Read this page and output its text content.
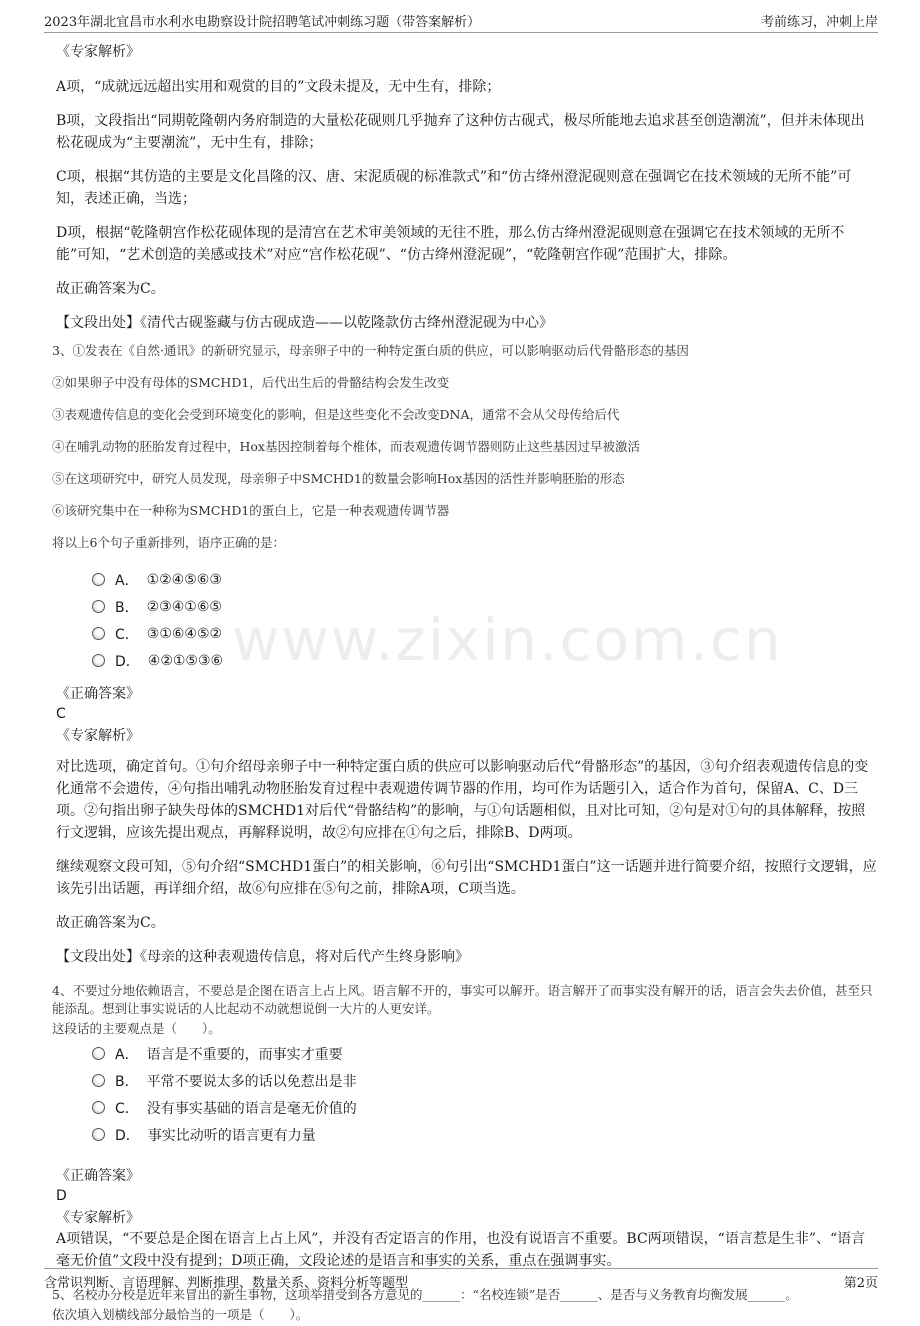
2023年湖北宜昌市水利水电勘察设计院招聘笔试冲刺练习题（带答案解析）	考前练习，冲刺上岸
www.zixin.com.cn
《专家解析》

A项，“成就远远超出实用和观赏的目的”文段未提及，无中生有，排除；

B项，文段指出“同期乾隆朝内务府制造的大量松花砚则几乎抛弃了这种仿古砚式，极尽所能地去追求甚至创造潮流”，但并未体现出松花砚成为“主要潮流”，无中生有，排除；

C项，根据“其仿造的主要是文化昌隆的汉、唐、宋泥质砚的标准款式”和“仿古绛州澄泥砚则意在强调它在技术领域的无所不能”可知，表述正确，当选；

D项，根据“乾隆朝宫作松花砚体现的是清宫在艺术审美领域的无往不胜，那么仿古绛州澄泥砚则意在强调它在技术领域的无所不能”可知，“艺术创造的美感或技术”对应“宫作松花砚”、“仿古绛州澄泥砚”，“乾隆朝宫作砚”范围扩大，排除。

故正确答案为C。

【文段出处】《清代古砚鉴藏与仿古砚成造——以乾隆款仿古绛州澄泥砚为中心》
3、①发表在《自然·通讯》的新研究显示，母亲卵子中的一种特定蛋白质的供应，可以影响驱动后代骨骼形态的基因
②如果卵子中没有母体的SMCHD1，后代出生后的骨骼结构会发生改变
③表观遗传信息的变化会受到环境变化的影响，但是这些变化不会改变DNA，通常不会从父母传给后代
④在哺乳动物的胚胎发育过程中，Hox基因控制着每个椎体，而表观遗传调节器则防止这些基因过早被激活
⑤在这项研究中，研究人员发现，母亲卵子中SMCHD1的数量会影响Hox基因的活性并影响胚胎的形态
⑥该研究集中在一种称为SMCHD1的蛋白上，它是一种表观遗传调节器
将以上6个句子重新排列，语序正确的是：
A． ①②④⑤⑥③
B． ②③④①⑥⑤
C． ③①⑥④⑤②
D． ④②①⑤③⑥
《正确答案》
C
《专家解析》

对比选项，确定首句。①句介绍母亲卵子中一种特定蛋白质的供应可以影响驱动后代“骨骼形态”的基因，③句介绍表观遗传信息的变化通常不会遗传，④句指出哺乳动物胚胎发育过程中表观遗传调节器的作用，均可作为话题引入，适合作为首句，保留A、C、D三项。②句指出卵子缺失母体的SMCHD1对后代“骨骼结构”的影响，与①句话题相似，且对比可知，②句是对①句的具体解释，按照行文逻辑，应该先提出观点，再解释说明，故②句应排在①句之后，排除B、D两项。

继续观察文段可知，⑤句介绍“SMCHD1蛋白”的相关影响，⑥句引出“SMCHD1蛋白”这一话题并进行简要介绍，按照行文逻辑，应该先引出话题，再详细介绍，故⑥句应排在⑤句之前，排除A项，C项当选。

故正确答案为C。

【文段出处】《母亲的这种表观遗传信息，将对后代产生终身影响》
4、不要过分地依赖语言，不要总是企图在语言上占上风。语言解不开的，事实可以解开。语言解开了而事实没有解开的话，语言会失去价值，甚至只能添乱。想到让事实说话的人比起动不动就想说倒一大片的人更安详。
这段话的主要观点是（　　）。
A． 语言是不重要的，而事实才重要
B． 平常不要说太多的话以免惹出是非
C． 没有事实基础的语言是毫无价值的
D． 事实比动听的语言更有力量
《正确答案》
D
《专家解析》

A项错误，“不要总是企图在语言上占上风”，并没有否定语言的作用，也没有说语言不重要。BC两项错误，“语言惹是生非”、“语言毫无价值”文段中没有提到；D项正确，文段论述的是语言和事实的关系，重点在强调事实。

5、名校办分校是近年来冒出的新生事物，这项举措受到各方意见的______：“名校连锁”是否______、是否与义务教育均衡发展______。
依次填入划横线部分最恰当的一项是（　　）。
含常识判断、言语理解、判断推理、数量关系、资料分析等题型	第2页
